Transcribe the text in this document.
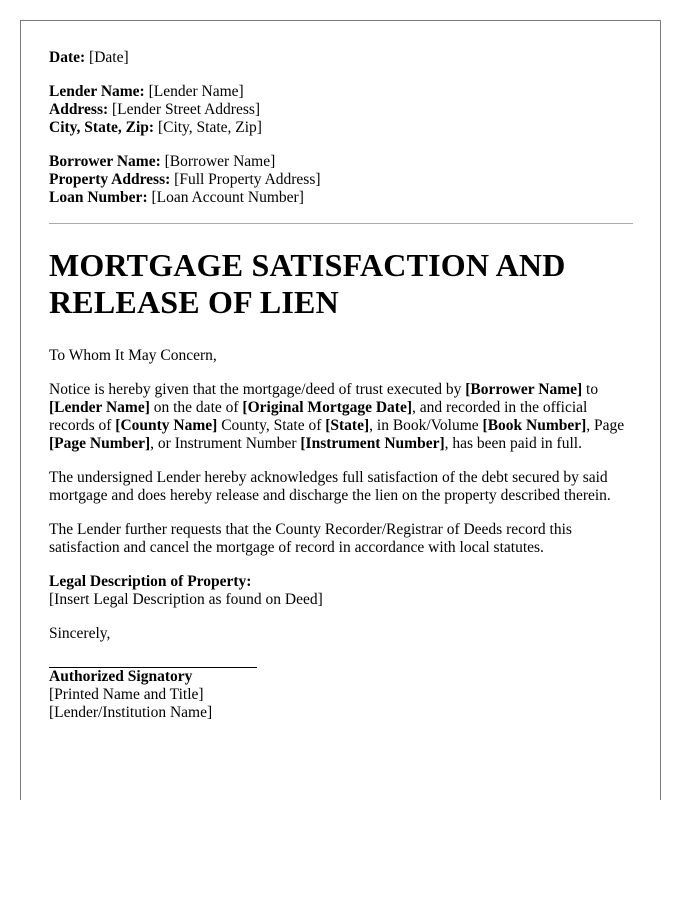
Date: [Date]

Lender Name: [Lender Name]

Address: [Lender Street Address]

City, State, Zip: [City, State, Zip]

Borrower Name: [Borrower Name]

Property Address: [Full Property Address]

Loan Number: [Loan Account Number]

MORTGAGE SATISFACTION AND
RELEASE OF LIEN

To Whom It May Concern,

Notice is hereby given that the mortgage/deed of trust executed by [Borrower Name] to [Lender Name] on the date of [Original Mortgage Date], and recorded in the official records of [County Name] County, State of [State], in Book/Volume [Book Number], Page [Page Number], or Instrument Number [Instrument Number], has been paid in full.

The undersigned Lender hereby acknowledges full satisfaction of the debt secured by said mortgage and does hereby release and discharge the lien on the property described therein.

The Lender further requests that the County Recorder/Registrar of Deeds record this satisfaction and cancel the mortgage of record in accordance with local statutes.

Legal Description of Property:

[Insert Legal Description as found on Deed]

Sincerely,

Authorized Signatory

[Printed Name and Title]

[Lender/Institution Name]
